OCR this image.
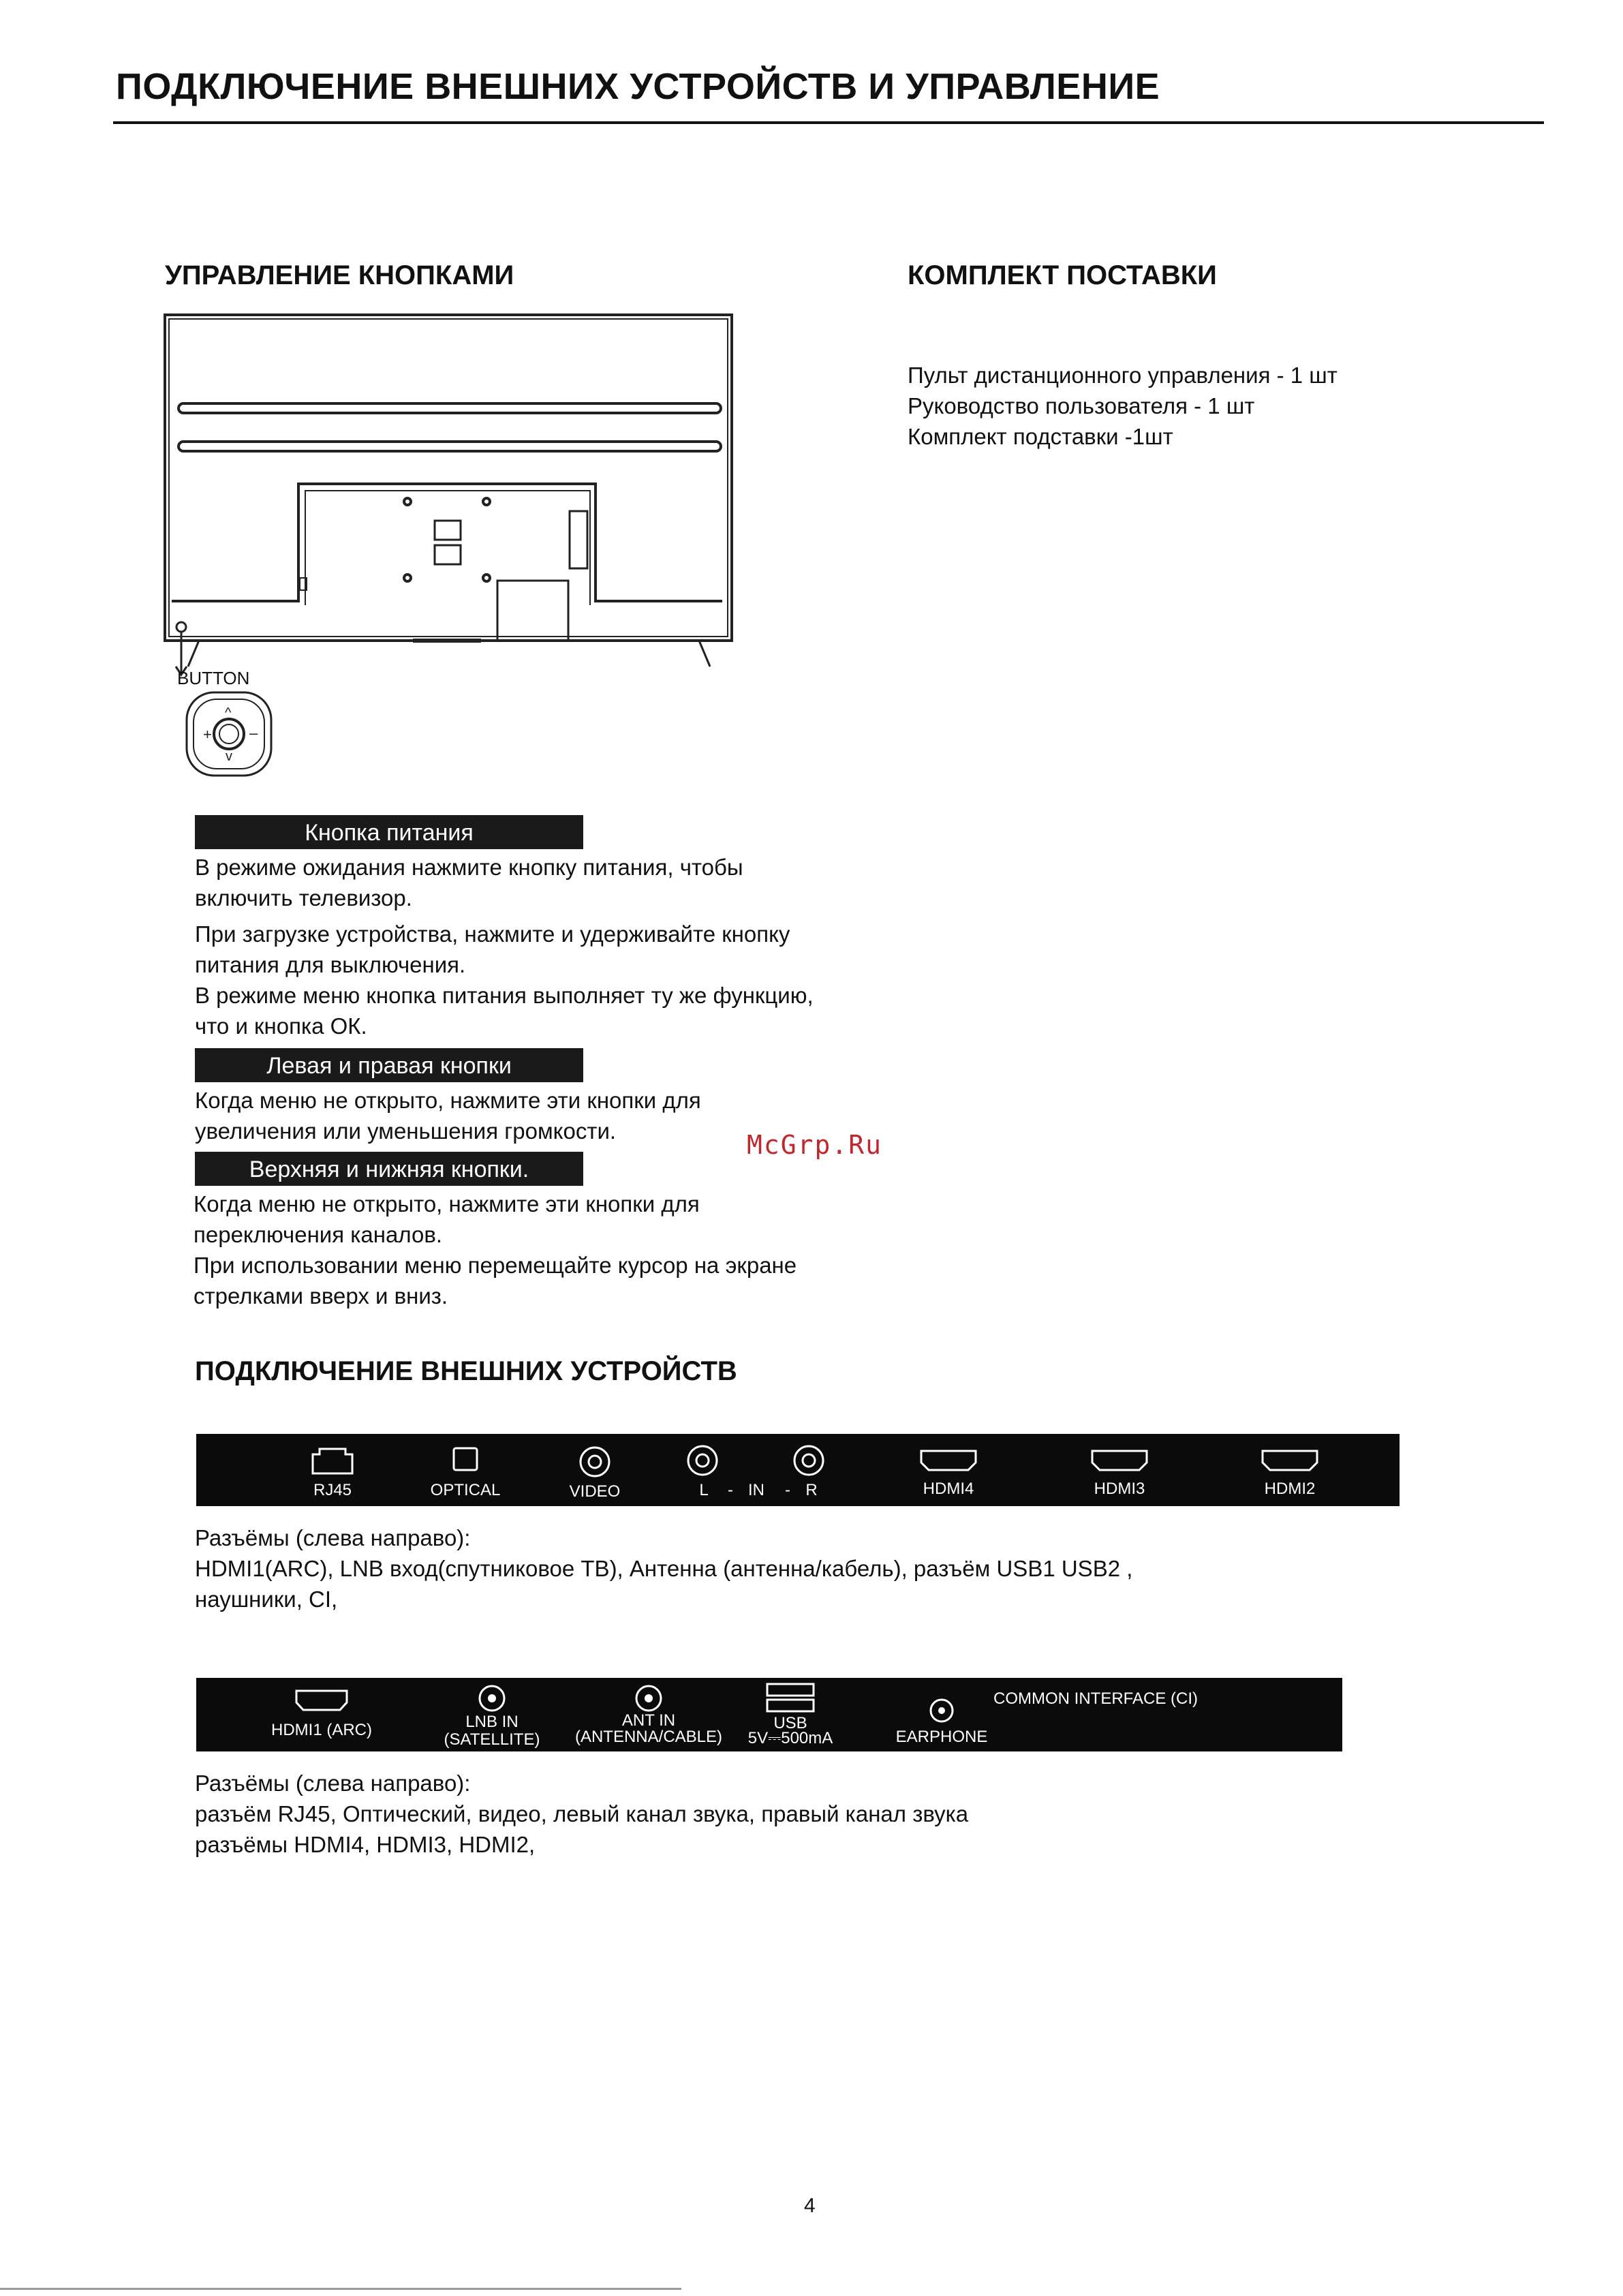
ПОДКЛЮЧЕНИЕ ВНЕШНИХ УСТРОЙСТВ И УПРАВЛЕНИЕ
УПРАВЛЕНИЕ КНОПКАМИ
BUTTON
+	–
^
v
Кнопка питания
В режиме ожидания нажмите кнопку питания, чтобы
включить телевизор.
При загрузке устройства, нажмите и удерживайте кнопку
питания для выключения.
В режиме меню кнопка питания выполняет ту же функцию,
что и кнопка ОК.
Левая и правая кнопки
Когда меню не открыто, нажмите эти кнопки для
увеличения или уменьшения громкости.
Верхняя и нижняя кнопки.
Когда меню не открыто, нажмите эти кнопки для
переключения каналов.
При использовании меню перемещайте курсор на экране
стрелками вверх и вниз.
McGrp.Ru
КОМПЛЕКТ ПОСТАВКИ
Пульт дистанционного управления - 1 шт
Руководство пользователя - 1 шт
Комплект подставки -1шт
ПОДКЛЮЧЕНИЕ ВНЕШНИХ УСТРОЙСТВ
RJ45	OPTICAL	VIDEO	L - IN - R	HDMI4	HDMI3	HDMI2
Разъёмы (слева направо):
HDMI1(ARC), LNB вход(спутниковое ТВ), Антенна (антенна/кабель), разъём USB1 USB2 ,
наушники, CI,
HDMI1 (ARC)	LNB IN
(SATELLITE)
ANT IN
(ANTENNA/CABLE)
USB
5V⎓500mA	EARPHONE
COMMON INTERFACE (CI)
Разъёмы (слева направо):
разъём RJ45, Оптический, видео, левый канал звука, правый канал звука
разъёмы HDMI4, HDMI3, HDMI2,
4
